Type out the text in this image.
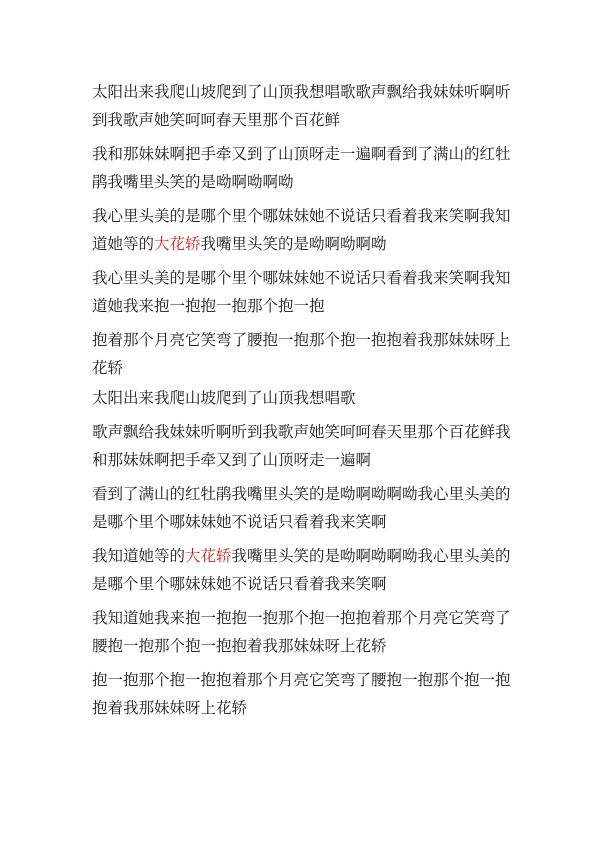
太阳出来我爬山坡爬到了山顶我想唱歌歌声飘给我妹妹听啊听到我歌声她笑呵呵春天里那个百花鲜

我和那妹妹啊把手牵又到了山顶呀走一遍啊看到了满山的红牡鹃我嘴里头笑的是呦啊呦啊呦

我心里头美的是哪个里个哪妹妹她不说话只看着我来笑啊我知道她等的大花轿我嘴里头笑的是呦啊呦啊呦

我心里头美的是哪个里个哪妹妹她不说话只看着我来笑啊我知道她我来抱一抱抱一抱那个抱一抱

抱着那个月亮它笑弯了腰抱一抱那个抱一抱抱着我那妹妹呀上花轿

太阳出来我爬山坡爬到了山顶我想唱歌

歌声飘给我妹妹听啊听到我歌声她笑呵呵春天里那个百花鲜我和那妹妹啊把手牵又到了山顶呀走一遍啊

看到了满山的红牡鹃我嘴里头笑的是呦啊呦啊呦我心里头美的是哪个里个哪妹妹她不说话只看着我来笑啊

我知道她等的大花轿我嘴里头笑的是呦啊呦啊呦我心里头美的是哪个里个哪妹妹她不说话只看着我来笑啊

我知道她我来抱一抱抱一抱那个抱一抱抱着那个月亮它笑弯了腰抱一抱那个抱一抱抱着我那妹妹呀上花轿

抱一抱那个抱一抱抱着那个月亮它笑弯了腰抱一抱那个抱一抱抱着我那妹妹呀上花轿
